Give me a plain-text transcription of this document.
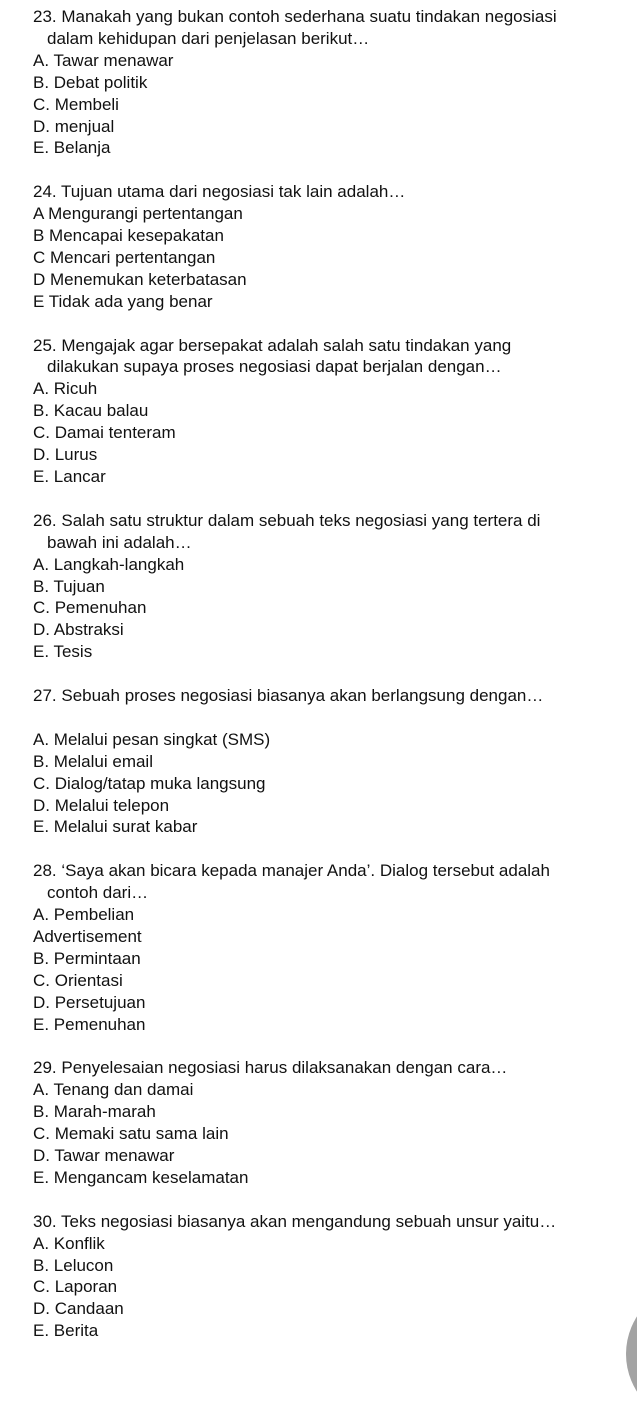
23. Manakah yang bukan contoh sederhana suatu tindakan negosiasi
dalam kehidupan dari penjelasan berikut…
A. Tawar menawar
B. Debat politik
C. Membeli
D. menjual
E. Belanja
24. Tujuan utama dari negosiasi tak lain adalah…
A Mengurangi pertentangan
B Mencapai kesepakatan
C Mencari pertentangan
D Menemukan keterbatasan
E Tidak ada yang benar
25. Mengajak agar bersepakat adalah salah satu tindakan yang
dilakukan supaya proses negosiasi dapat berjalan dengan…
A. Ricuh
B. Kacau balau
C. Damai tenteram
D. Lurus
E. Lancar
26. Salah satu struktur dalam sebuah teks negosiasi yang tertera di
bawah ini adalah…
A. Langkah-langkah
B. Tujuan
C. Pemenuhan
D. Abstraksi
E. Tesis
27. Sebuah proses negosiasi biasanya akan berlangsung dengan…
A. Melalui pesan singkat (SMS)
B. Melalui email
C. Dialog/tatap muka langsung
D. Melalui telepon
E. Melalui surat kabar
28. ‘Saya akan bicara kepada manajer Anda’. Dialog tersebut adalah
contoh dari…
A. Pembelian
Advertisement
B. Permintaan
C. Orientasi
D. Persetujuan
E. Pemenuhan
29. Penyelesaian negosiasi harus dilaksanakan dengan cara…
A. Tenang dan damai
B. Marah-marah
C. Memaki satu sama lain
D. Tawar menawar
E. Mengancam keselamatan
30. Teks negosiasi biasanya akan mengandung sebuah unsur yaitu…
A. Konflik
B. Lelucon
C. Laporan
D. Candaan
E. Berita
